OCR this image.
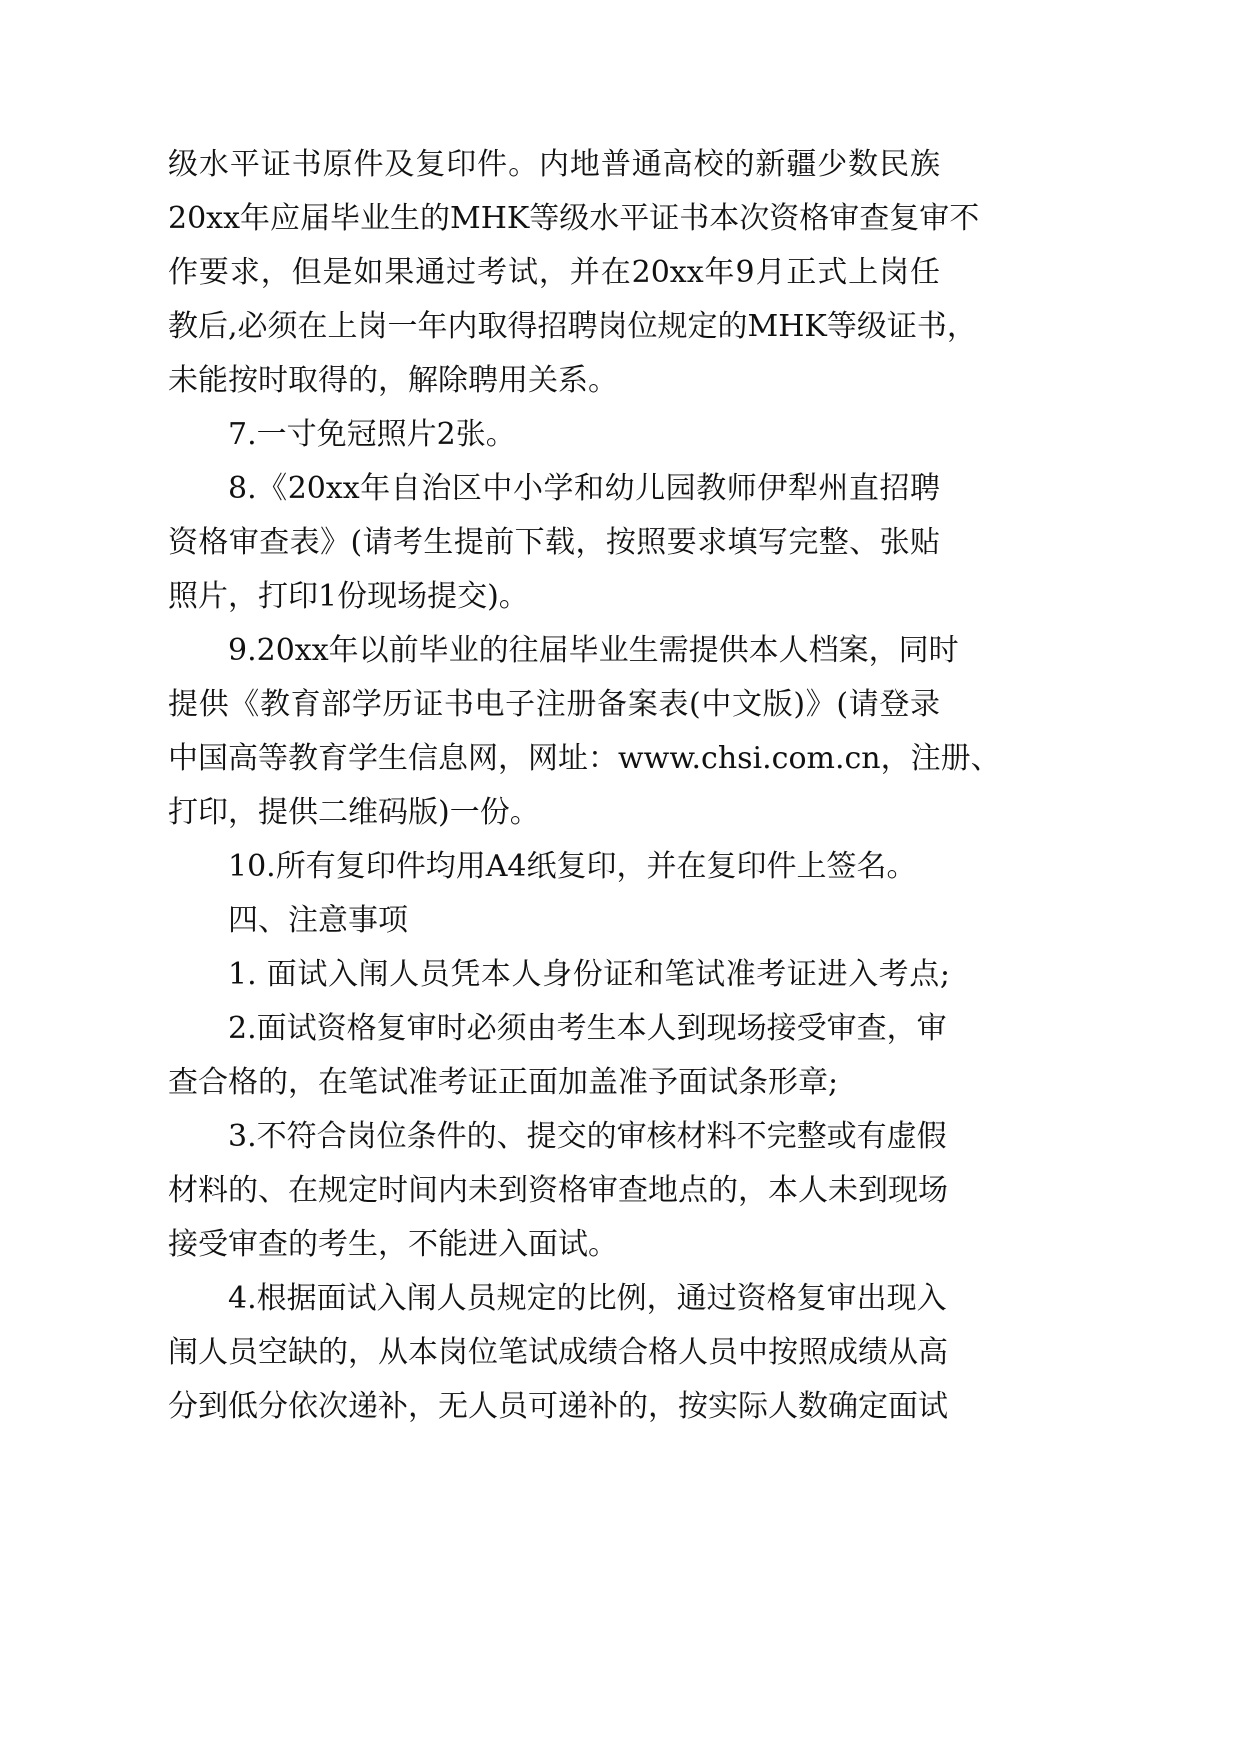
级水平证书原件及复印件。内地普通高校的新疆少数民族
20xx年应届毕业生的MHK等级水平证书本次资格审查复审不
作要求，但是如果通过考试，并在20xx年9月正式上岗任
教后,必须在上岗一年内取得招聘岗位规定的MHK等级证书，
未能按时取得的，解除聘用关系。
7.一寸免冠照片2张。
8.《20xx年自治区中小学和幼儿园教师伊犁州直招聘
资格审查表》(请考生提前下载，按照要求填写完整、张贴
照片，打印1份现场提交)。
9.20xx年以前毕业的往届毕业生需提供本人档案，同时
提供《教育部学历证书电子注册备案表(中文版)》(请登录
中国高等教育学生信息网，网址：www.chsi.com.cn，注册、
打印，提供二维码版)一份。
10.所有复印件均用A4纸复印，并在复印件上签名。
四、注意事项
1. 面试入闱人员凭本人身份证和笔试准考证进入考点;
2.面试资格复审时必须由考生本人到现场接受审查，审
查合格的，在笔试准考证正面加盖准予面试条形章;
3.不符合岗位条件的、提交的审核材料不完整或有虚假
材料的、在规定时间内未到资格审查地点的，本人未到现场
接受审查的考生，不能进入面试。
4.根据面试入闱人员规定的比例，通过资格复审出现入
闱人员空缺的，从本岗位笔试成绩合格人员中按照成绩从高
分到低分依次递补，无人员可递补的，按实际人数确定面试
